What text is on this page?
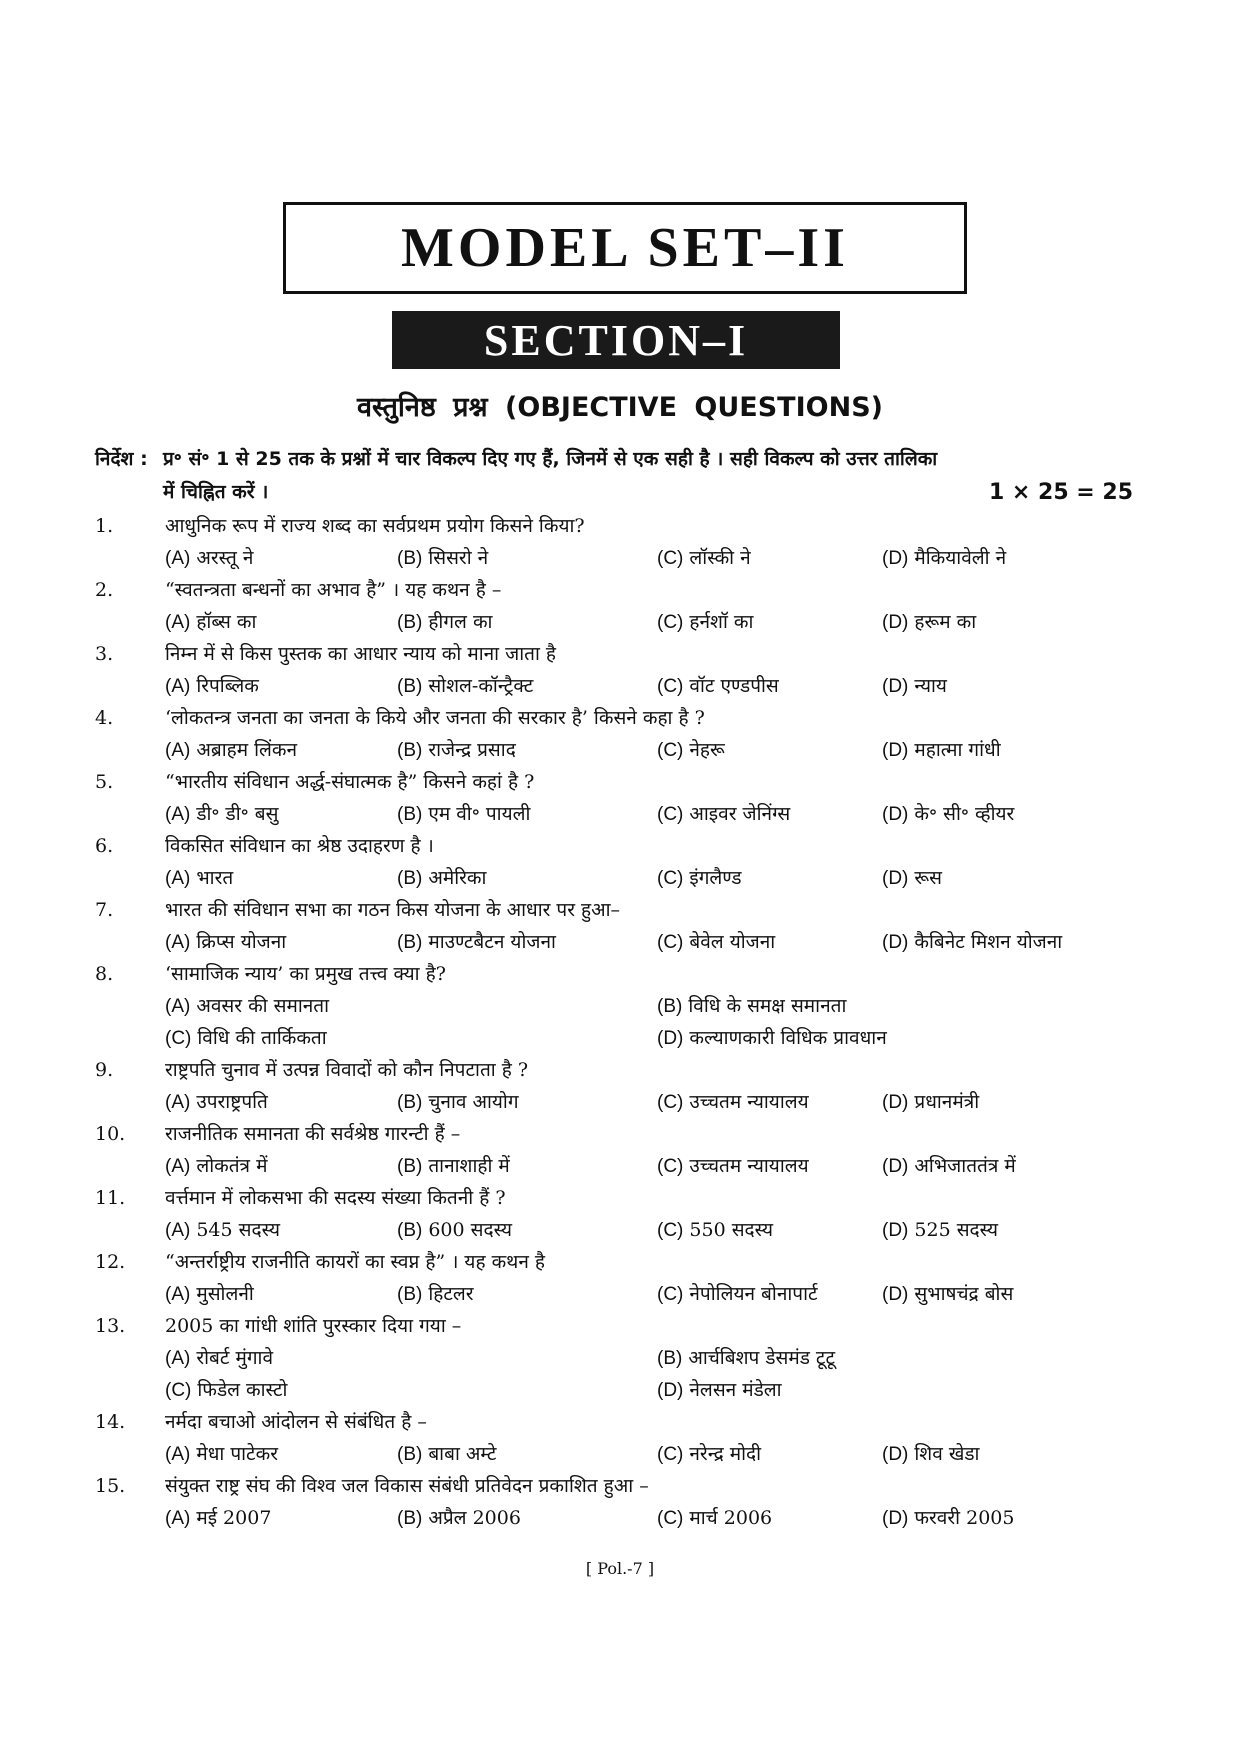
MODEL SET–II
SECTION–I
वस्तुनिष्ठ प्रश्न (OBJECTIVE QUESTIONS)
निर्देश : प्र॰ सं॰ 1 से 25 तक के प्रश्नों में चार विकल्प दिए गए हैं, जिनमें से एक सही है । सही विकल्प को उत्तर तालिका
में चिह्नित करें ।	1 × 25 = 25
1.	आधुनिक रूप में राज्य शब्द का सर्वप्रथम प्रयोग किसने किया?
(A) अरस्तू ने	(B) सिसरो ने	(C) लॉस्की ने	(D) मैकियावेली ने
2.	“स्वतन्त्रता बन्धनों का अभाव है” । यह कथन है –
(A) हॉब्स का	(B) हीगल का	(C) हर्नशॉ का	(D) हरूम का
3.	निम्न में से किस पुस्तक का आधार न्याय को माना जाता है
(A) रिपब्लिक	(B) सोशल-कॉन्ट्रैक्ट	(C) वॉट एण्डपीस	(D) न्याय
4.	‘लोकतन्त्र जनता का जनता के किये और जनता की सरकार है’ किसने कहा है ?
(A) अब्राहम लिंकन	(B) राजेन्द्र प्रसाद	(C) नेहरू	(D) महात्मा गांधी
5.	“भारतीय संविधान अर्द्ध-संघात्मक है” किसने कहां है ?
(A) डी॰ डी॰ बसु	(B) एम वी॰ पायली	(C) आइवर जेनिंग्स	(D) के॰ सी॰ व्हीयर
6.	विकसित संविधान का श्रेष्ठ उदाहरण है ।
(A) भारत	(B) अमेरिका	(C) इंगलैण्ड	(D) रूस
7.	भारत की संविधान सभा का गठन किस योजना के आधार पर हुआ–
(A) क्रिप्स योजना	(B) माउण्टबैटन योजना	(C) बेवेल योजना	(D) कैबिनेट मिशन योजना
8.	‘सामाजिक न्याय’ का प्रमुख तत्त्व क्या है?
(A) अवसर की समानता	(B) विधि के समक्ष समानता
(C) विधि की तार्किकता	(D) कल्याणकारी विधिक प्रावधान
9.	राष्ट्रपति चुनाव में उत्पन्न विवादों को कौन निपटाता है ?
(A) उपराष्ट्रपति	(B) चुनाव आयोग	(C) उच्चतम न्यायालय	(D) प्रधानमंत्री
10.	राजनीतिक समानता की सर्वश्रेष्ठ गारन्टी हैं –
(A) लोकतंत्र में	(B) तानाशाही में	(C) उच्चतम न्यायालय	(D) अभिजाततंत्र में
11.	वर्त्तमान में लोकसभा की सदस्य संख्या कितनी हैं ?
(A) 545 सदस्य	(B) 600 सदस्य	(C) 550 सदस्य	(D) 525 सदस्य
12.	“अन्तर्राष्ट्रीय राजनीति कायरों का स्वप्न है” । यह कथन है
(A) मुसोलनी	(B) हिटलर	(C) नेपोलियन बोनापार्ट	(D) सुभाषचंद्र बोस
13.	2005 का गांधी शांति पुरस्कार दिया गया –
(A) रोबर्ट मुंगावे	(B) आर्चबिशप डेसमंड टूटू
(C) फिडेल कास्टो	(D) नेलसन मंडेला
14.	नर्मदा बचाओ आंदोलन से संबंधित है –
(A) मेधा पाटेकर	(B) बाबा अम्टे	(C) नरेन्द्र मोदी	(D) शिव खेडा
15.	संयुक्त राष्ट्र संघ की विश्व जल विकास संबंधी प्रतिवेदन प्रकाशित हुआ –
(A) मई 2007	(B) अप्रैल 2006	(C) मार्च 2006	(D) फरवरी 2005
[ Pol.-7 ]
